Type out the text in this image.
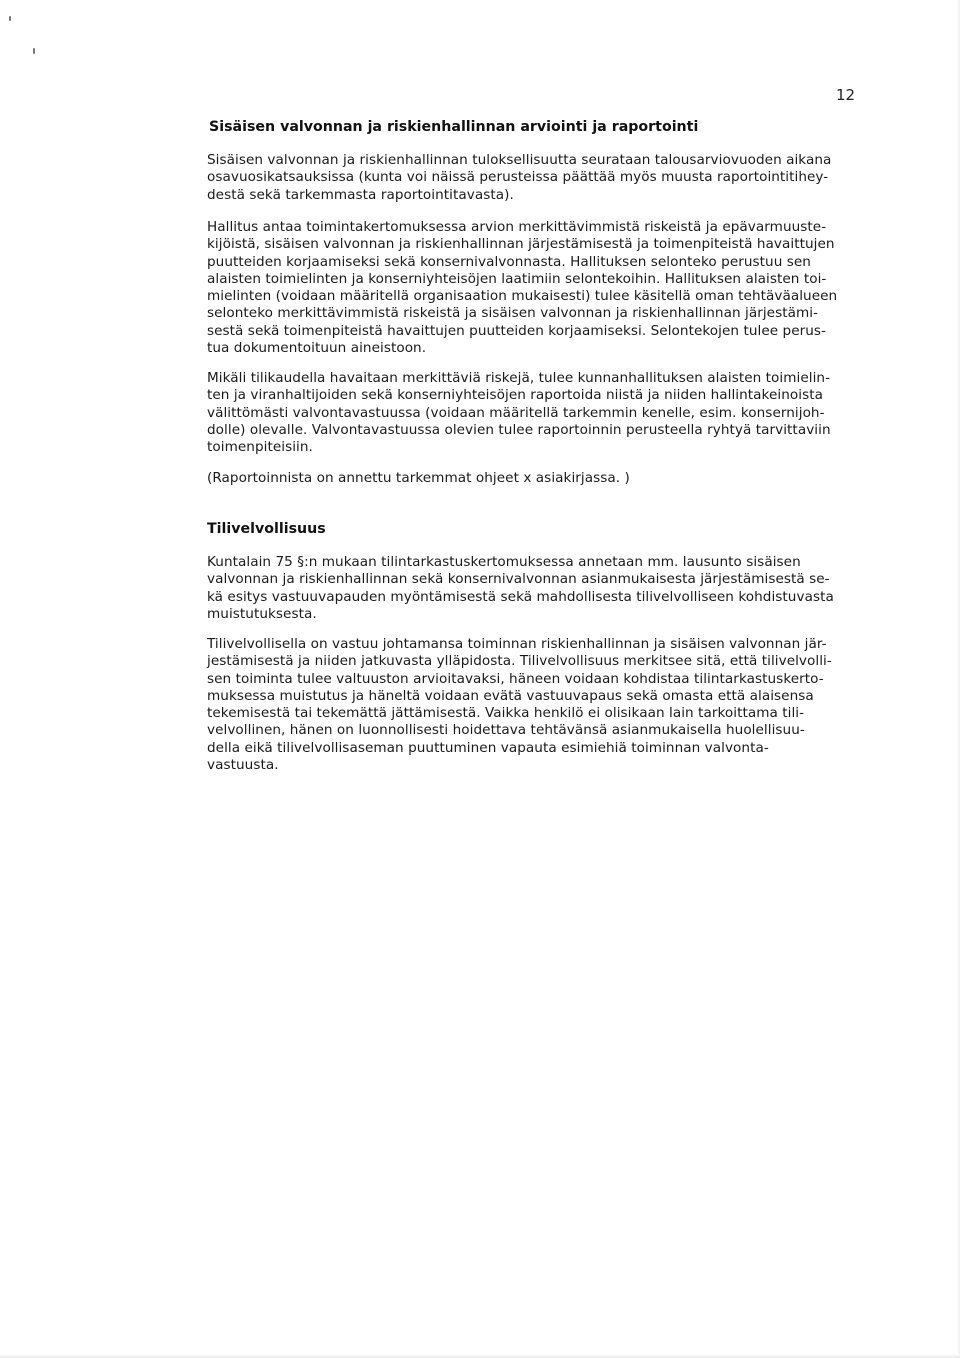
12
Sisäisen valvonnan ja riskienhallinnan arviointi ja raportointi

Sisäisen valvonnan ja riskienhallinnan tuloksellisuutta seurataan talousarviovuoden aikana
osavuosikatsauksissa (kunta voi näissä perusteissa päättää myös muusta raportointitihey-
destä sekä tarkemmasta raportointitavasta).

Hallitus antaa toimintakertomuksessa arvion merkittävimmistä riskeistä ja epävarmuuste-
kijöistä, sisäisen valvonnan ja riskienhallinnan järjestämisestä ja toimenpiteistä havaittujen
puutteiden korjaamiseksi sekä konsernivalvonnasta. Hallituksen selonteko perustuu sen
alaisten toimielinten ja konserniyhteisöjen laatimiin selontekoihin. Hallituksen alaisten toi-
mielinten (voidaan määritellä organisaation mukaisesti) tulee käsitellä oman tehtäväalueen
selonteko merkittävimmistä riskeistä ja sisäisen valvonnan ja riskienhallinnan järjestämi-
sestä sekä toimenpiteistä havaittujen puutteiden korjaamiseksi. Selontekojen tulee perus-
tua dokumentoituun aineistoon.

Mikäli tilikaudella havaitaan merkittäviä riskejä, tulee kunnanhallituksen alaisten toimielin-
ten ja viranhaltijoiden sekä konserniyhteisöjen raportoida niistä ja niiden hallintakeinoista
välittömästi valvontavastuussa (voidaan määritellä tarkemmin kenelle, esim. konsernijoh-
dolle) olevalle. Valvontavastuussa olevien tulee raportoinnin perusteella ryhtyä tarvittaviin
toimenpiteisiin.

(Raportoinnista on annettu tarkemmat ohjeet x asiakirjassa. )

Tilivelvollisuus

Kuntalain 75 §:n mukaan tilintarkastuskertomuksessa annetaan mm. lausunto sisäisen
valvonnan ja riskienhallinnan sekä konsernivalvonnan asianmukaisesta järjestämisestä se-
kä esitys vastuuvapauden myöntämisestä sekä mahdollisesta tilivelvolliseen kohdistuvasta
muistutuksesta.

Tilivelvollisella on vastuu johtamansa toiminnan riskienhallinnan ja sisäisen valvonnan jär-
jestämisestä ja niiden jatkuvasta ylläpidosta. Tilivelvollisuus merkitsee sitä, että tilivelvolli-
sen toiminta tulee valtuuston arvioitavaksi, häneen voidaan kohdistaa tilintarkastuskerto-
muksessa muistutus ja häneltä voidaan evätä vastuuvapaus sekä omasta että alaisensa
tekemisestä tai tekemättä jättämisestä. Vaikka henkilö ei olisikaan lain tarkoittama tili-
velvollinen, hänen on luonnollisesti hoidettava tehtävänsä asianmukaisella huolellisuu-
della eikä tilivelvollisaseman puuttuminen vapauta esimiehiä toiminnan valvonta-
vastuusta.
